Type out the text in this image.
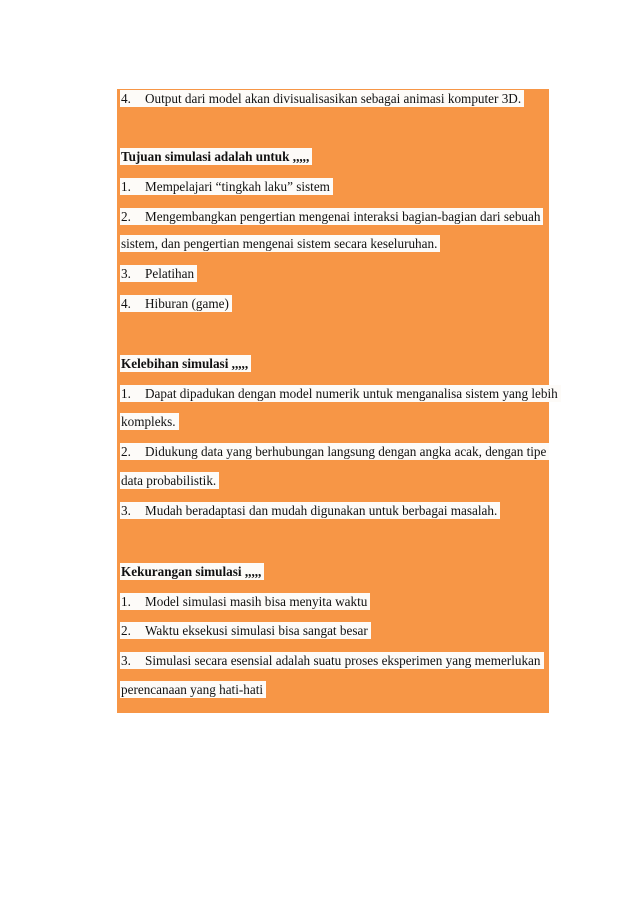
4. Output dari model akan divisualisasikan sebagai animasi komputer 3D.
Tujuan simulasi adalah untuk ,,,,,
1. Mempelajari “tingkah laku” sistem
2. Mengembangkan pengertian mengenai interaksi bagian-bagian dari sebuah
sistem, dan pengertian mengenai sistem secara keseluruhan.
3. Pelatihan
4. Hiburan (game)
Kelebihan simulasi ,,,,,
1. Dapat dipadukan dengan model numerik untuk menganalisa sistem yang lebih
kompleks.
2. Didukung data yang berhubungan langsung dengan angka acak, dengan tipe
data probabilistik.
3. Mudah beradaptasi dan mudah digunakan untuk berbagai masalah.
Kekurangan simulasi ,,,,,
1. Model simulasi masih bisa menyita waktu
2. Waktu eksekusi simulasi bisa sangat besar
3. Simulasi secara esensial adalah suatu proses eksperimen yang memerlukan
perencanaan yang hati-hati
